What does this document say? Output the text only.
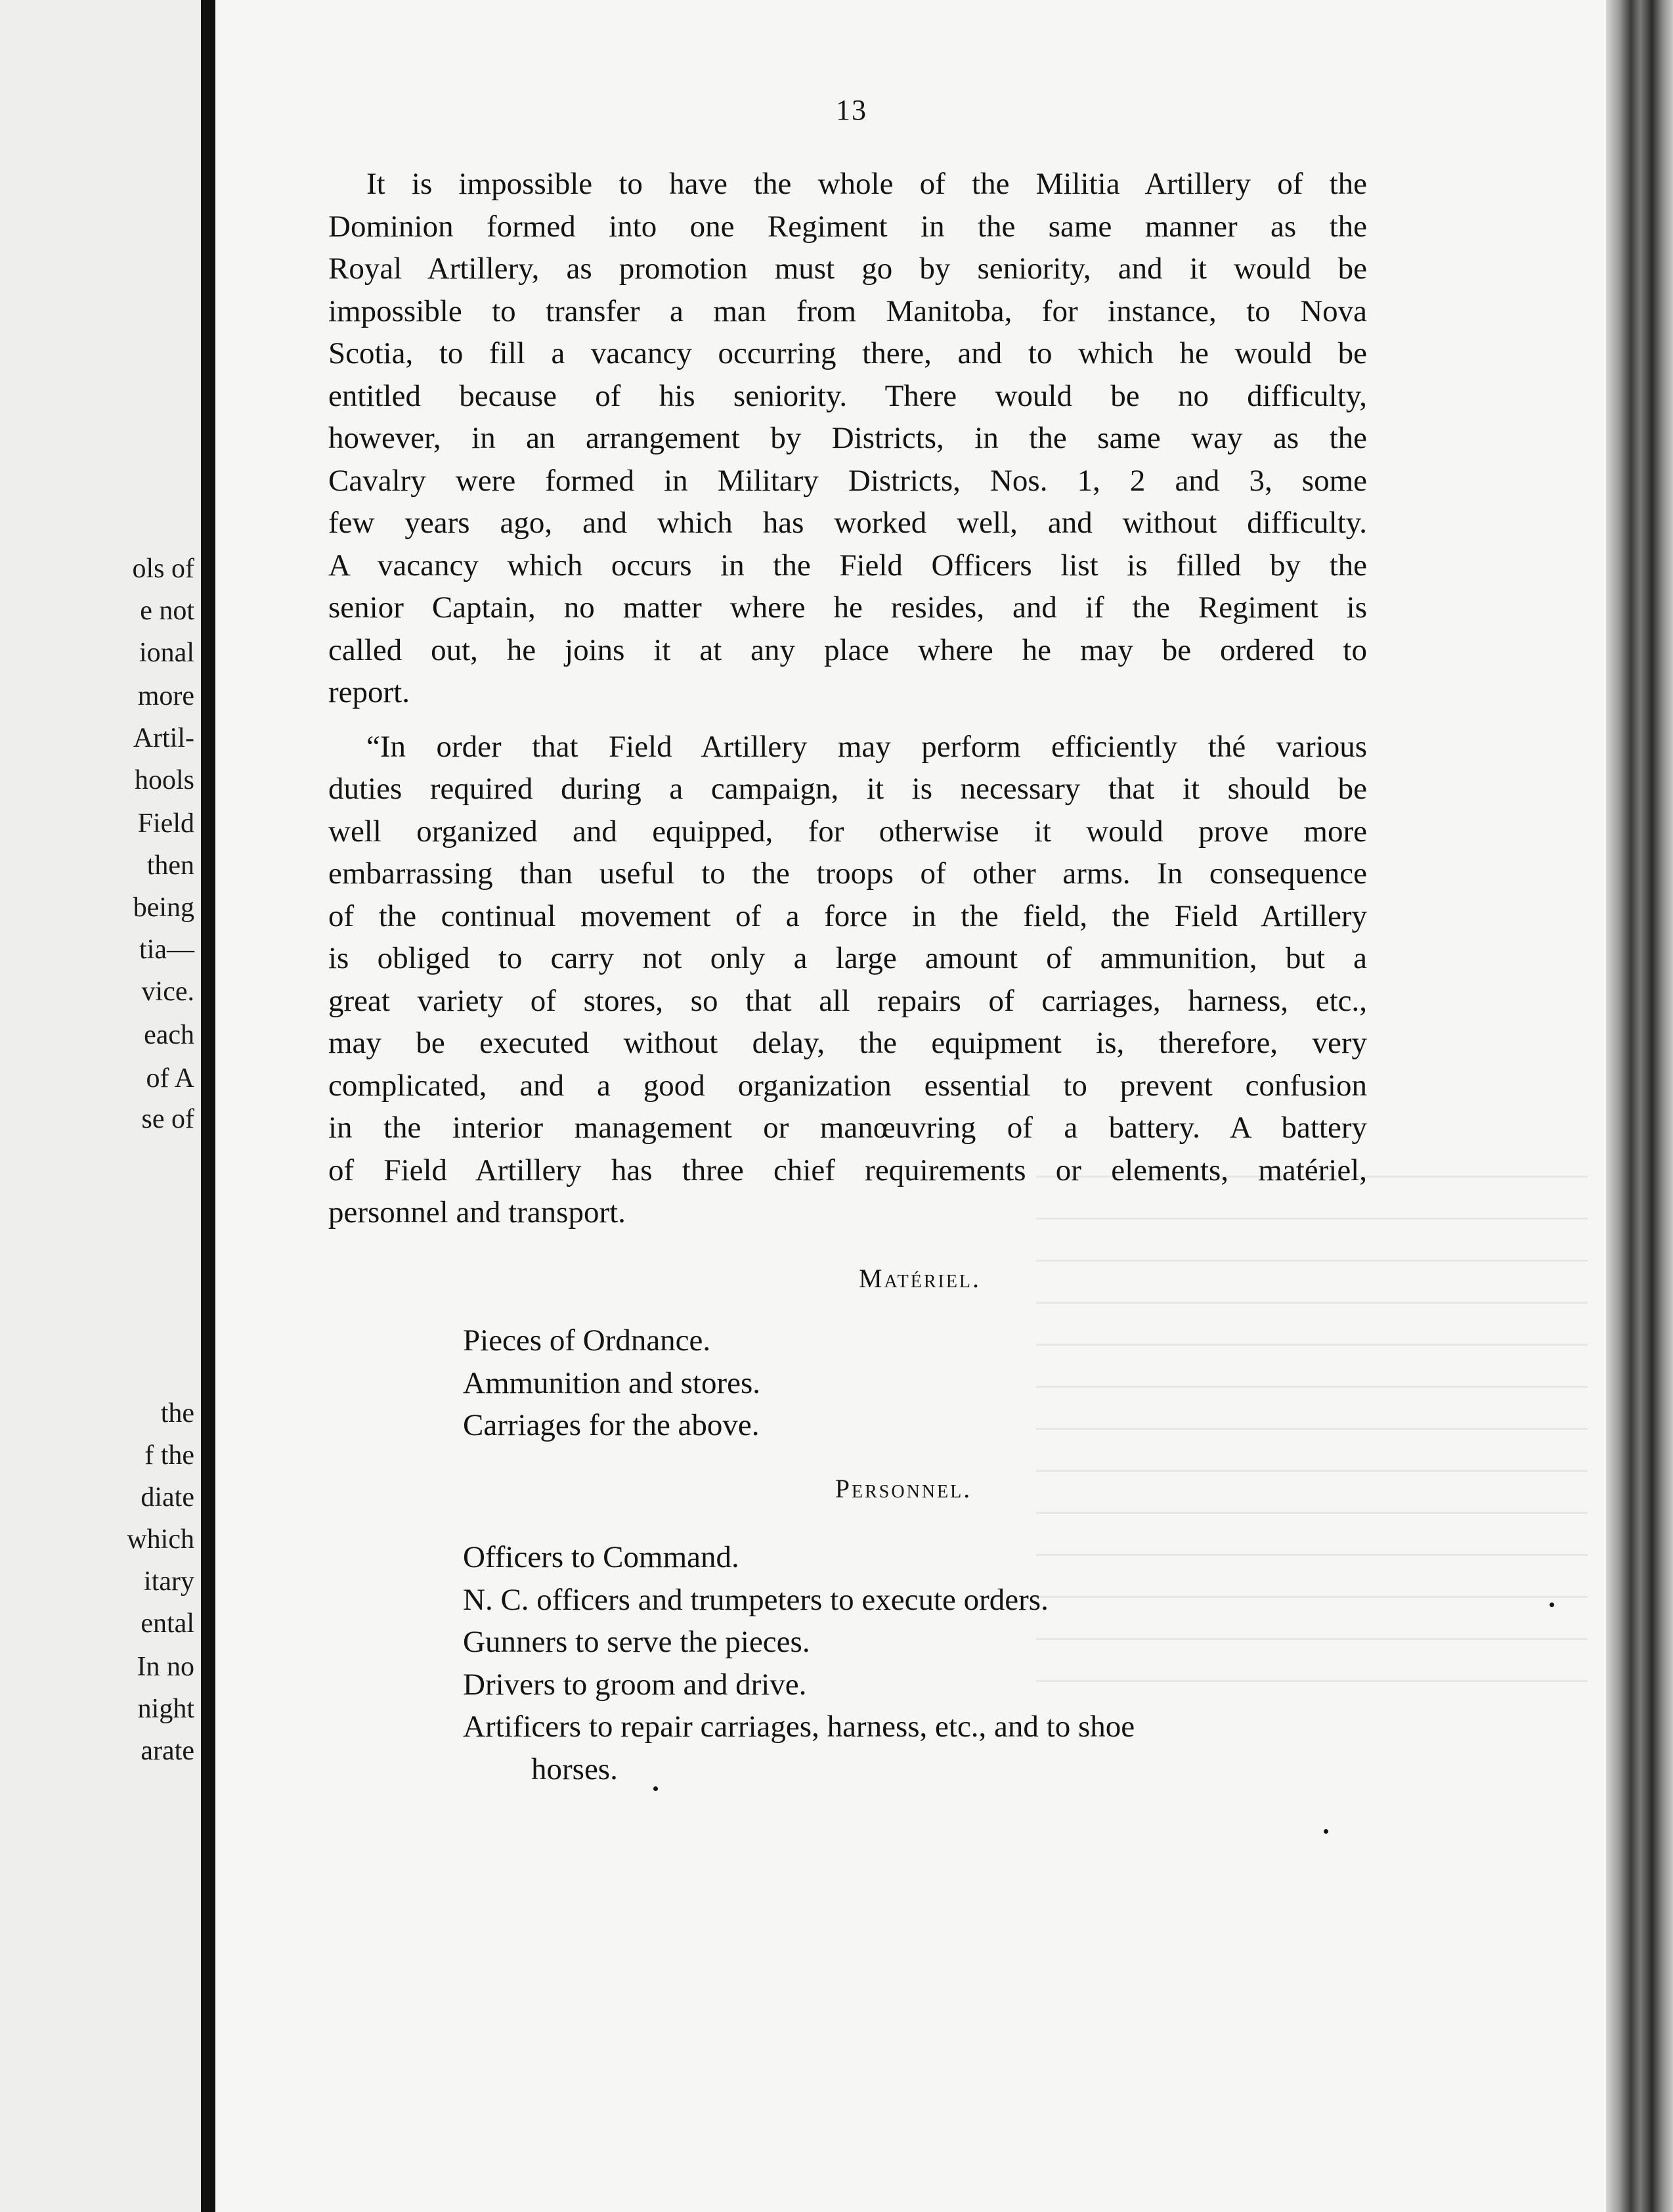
ols of
e not
ional
more
Artil-
hools
Field
then
being
tia—
vice.
each
of A
se of
the
f the
diate
which
itary
ental
In no
night
arate
13

It is impossible to have the whole of the Militia Artillery of the
Dominion formed into one Regiment in the same manner as the
Royal Artillery, as promotion must go by seniority, and it would be
impossible to transfer a man from Manitoba, for instance, to Nova
Scotia, to fill a vacancy occurring there, and to which he would be
entitled because of his seniority. There would be no difficulty,
however, in an arrangement by Districts, in the same way as the
Cavalry were formed in Military Districts, Nos. 1, 2 and 3, some
few years ago, and which has worked well, and without difficulty.
A vacancy which occurs in the Field Officers list is filled by the
senior Captain, no matter where he resides, and if the Regiment is
called out, he joins it at any place where he may be ordered to
report.

“In order that Field Artillery may perform efficiently thé various
duties required during a campaign, it is necessary that it should be
well organized and equipped, for otherwise it would prove more
embarrassing than useful to the troops of other arms. In consequence
of the continual movement of a force in the field, the Field Artillery
is obliged to carry not only a large amount of ammunition, but a
great variety of stores, so that all repairs of carriages, harness, etc.,
may be executed without delay, the equipment is, therefore, very
complicated, and a good organization essential to prevent confusion
in the interior management or manœuvring of a battery. A battery
of Field Artillery has three chief requirements or elements, matériel,
personnel and transport.

Matériel.

Pieces of Ordnance.
Ammunition and stores.
Carriages for the above.

Personnel.

Officers to Command.
N. C. officers and trumpeters to execute orders.
Gunners to serve the pieces.
Drivers to groom and drive.
Artificers to repair carriages, harness, etc., and to shoe
horses.
